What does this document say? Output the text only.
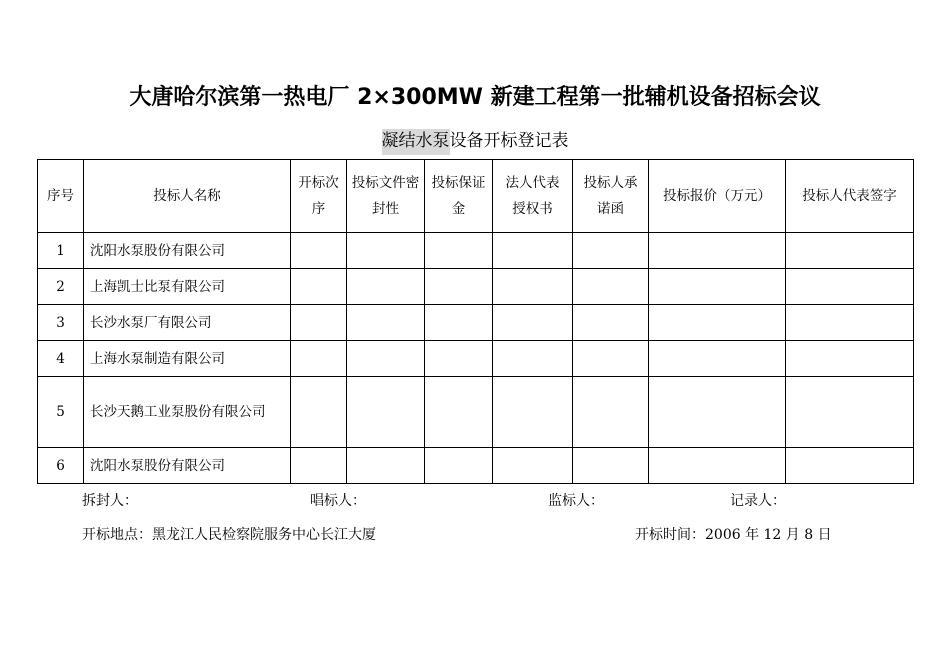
大唐哈尔滨第一热电厂 2×300MW 新建工程第一批辅机设备招标会议
凝结水泵设备开标登记表
序号	投标人名称	开标次序	投标文件密封性	投标保证金	法人代表授权书	投标人承诺函	投标报价（万元）	投标人代表签字
1	沈阳水泵股份有限公司							
2	上海凯士比泵有限公司							
3	长沙水泵厂有限公司							
4	上海水泵制造有限公司							
5	长沙天鹅工业泵股份有限公司							
6	沈阳水泵股份有限公司							
拆封人：	唱标人：	监标人：	记录人：
开标地点：黑龙江人民检察院服务中心长江大厦	开标时间：2006 年 12 月 8 日
